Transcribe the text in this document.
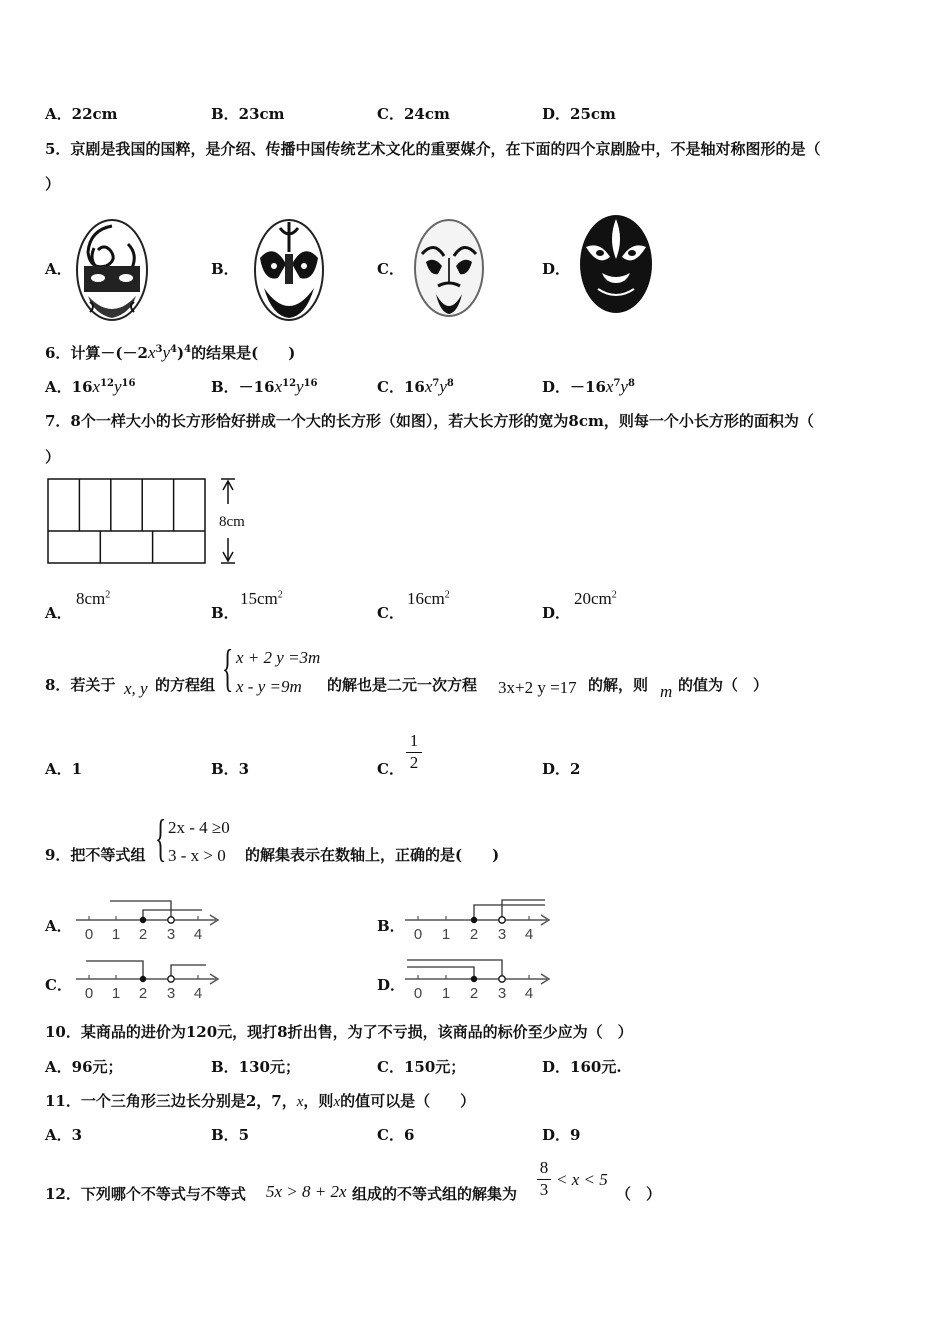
A．22cm	B．23cm	C．24cm	D．25cm
5．京剧是我国的国粹，是介绍、传播中国传统艺术文化的重要媒介，在下面的四个京剧脸中，不是轴对称图形的是（
）
A．	B．	C．	D．
6．计算$-(-2x^3y^4)^4$的结果是(　　)
A．$16x^{12}y^{16}$	B．$-16x^{12}y^{16}$	C．$16x^7y^8$	D．$-16x^7y^8$
7．8个一样大小的长方形恰好拼成一个大的长方形（如图），若大长方形的宽为8cm，则每一个小长方形的面积为（
）
8cm
A．
$8cm^2$
B．
$15cm^2$
C．
$16cm^2$
D．
$20cm^2$
8．若关于 x, y 的方程组 { x + 2 y =3m
x - y =9m 的解也是二元一次方程 3x+2 y =17 的解，则 m 的值为（　）
A．1	B．3	C． $\frac{1}{2}$	D．2
9．把不等式组 { 2x - 4 ≥0
3 - x > 0 的解集表示在数轴上，正确的是(　　)
A． 0 1 2 3 4	B． 0 1 2 3 4
C． 0 1 2 3 4	D． 0 1 2 3 4
10．某商品的进价为120元，现打8折出售，为了不亏损，该商品的标价至少应为（　）
A．96元；	B．130元；	C．150元；	D．160元.
11．一个三角形三边长分别是2，7，x，则x的值可以是（　　）
A．3	B．5	C．6	D．9
12．下列哪个不等式与不等式 5x > 8 + 2x 组成的不等式组的解集为 $\frac{8}{3} < x < 5$
（　）
